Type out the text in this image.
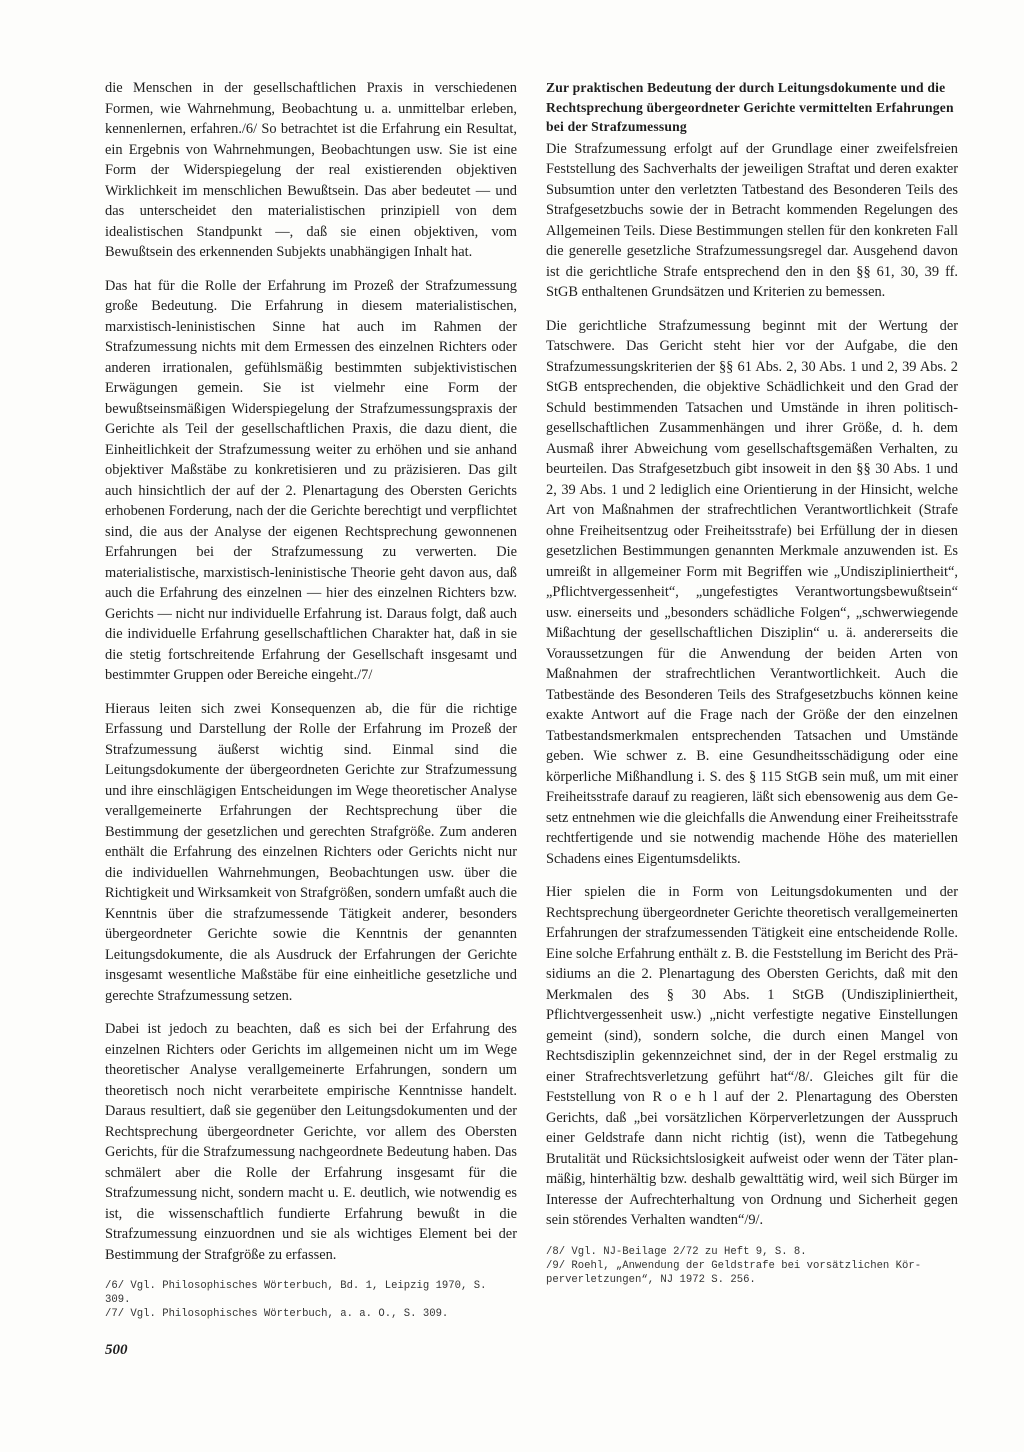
die Menschen in der gesellschaftlichen Praxis in verschiedenen Formen, wie Wahrnehmung, Beobachtung u. a. unmittelbar erleben, kennenlernen, erfahren./6/ So betrachtet ist die Erfahrung ein Resultat, ein Ergebnis von Wahrnehmungen, Beobachtungen usw. Sie ist eine Form der Widerspiegelung der real existierenden objektiven Wirklichkeit im menschlichen Bewußtsein. Das aber bedeutet — und das unterscheidet den materialistischen prinzipiell von dem idealistischen Standpunkt —, daß sie einen objektiven, vom Bewußtsein des erkennenden Subjekts unabhängigen Inhalt hat.

Das hat für die Rolle der Erfahrung im Prozeß der Strafzumessung große Bedeutung. Die Erfahrung in diesem materialistischen, marxistisch-leninistischen Sinne hat auch im Rahmen der Strafzumessung nichts mit dem Ermessen des einzelnen Richters oder anderen irrationalen, gefühlsmäßig bestimmten subjektivistischen Erwägungen gemein. Sie ist vielmehr eine Form der bewußtseinsmäßigen Widerspiegelung der Strafzumessungspraxis der Gerichte als Teil der gesellschaftlichen Praxis, die dazu dient, die Einheitlichkeit der Strafzumessung weiter zu erhöhen und sie anhand objektiver Maßstäbe zu konkretisieren und zu präzisieren. Das gilt auch hinsichtlich der auf der 2. Plenartagung des Obersten Gerichts erhobenen Forderung, nach der die Gerichte berechtigt und verpflichtet sind, die aus der Analyse der eigenen Rechtsprechung gewonnenen Erfahrungen bei der Strafzumessung zu verwerten. Die materialistische, marxistisch-leninistische Theorie geht davon aus, daß auch die Erfahrung des einzelnen — hier des einzelnen Richters bzw. Gerichts — nicht nur individuelle Erfahrung ist. Daraus folgt, daß auch die individuelle Erfahrung gesellschaftlichen Charakter hat, daß in sie die stetig fortschreitende Erfahrung der Gesellschaft insgesamt und bestimmter Gruppen oder Bereiche eingeht./7/

Hieraus leiten sich zwei Konsequenzen ab, die für die richtige Erfassung und Darstellung der Rolle der Erfahrung im Prozeß der Strafzumessung äußerst wichtig sind. Einmal sind die Leitungsdokumente der übergeordneten Gerichte zur Strafzumessung und ihre einschlägigen Entscheidungen im Wege theoretischer Analyse verallgemeinerte Erfahrungen der Rechtsprechung über die Bestimmung der gesetzlichen und gerechten Strafgröße. Zum anderen enthält die Erfahrung des einzelnen Richters oder Gerichts nicht nur die individuellen Wahrnehmungen, Beobachtungen usw. über die Richtigkeit und Wirksamkeit von Strafgrößen, sondern umfaßt auch die Kenntnis über die strafzumessende Tätigkeit anderer, besonders übergeordneter Gerichte sowie die Kenntnis der genannten Leitungsdokumente, die als Ausdruck der Erfahrungen der Gerichte insgesamt wesentliche Maßstäbe für eine einheitliche gesetzliche und gerechte Strafzumessung setzen.

Dabei ist jedoch zu beachten, daß es sich bei der Erfahrung des einzelnen Richters oder Gerichts im allgemeinen nicht um im Wege theoretischer Analyse verallgemeinerte Erfahrungen, sondern um theoretisch noch nicht verarbeitete empirische Kenntnisse handelt. Daraus resultiert, daß sie gegenüber den Leitungsdokumenten und der Rechtsprechung übergeordneter Gerichte, vor allem des Obersten Gerichts, für die Strafzumessung nachgeordnete Bedeutung haben. Das schmälert aber die Rolle der Erfahrung insgesamt für die Strafzumessung nicht, sondern macht u. E. deutlich, wie notwendig es ist, die wissenschaftlich fundierte Erfahrung bewußt in die Strafzumessung einzuordnen und sie als wichtiges Element bei der Bestimmung der Strafgröße zu erfassen.

/6/ Vgl. Philosophisches Wörterbuch, Bd. 1, Leipzig 1970, S. 309.

/7/ Vgl. Philosophisches Wörterbuch, a. a. O., S. 309.

Zur praktischen Bedeutung der durch Leitungsdokumente und die Rechtsprechung übergeordneter Gerichte vermittelten Erfahrungen bei der Strafzumessung

Die Strafzumessung erfolgt auf der Grundlage einer zweifelsfreien Feststellung des Sachverhalts der jeweiligen Straftat und deren exakter Subsumtion unter den verletzten Tatbestand des Besonderen Teils des Strafgesetzbuchs sowie der in Betracht kommenden Regelungen des Allgemeinen Teils. Diese Bestimmungen stellen für den konkreten Fall die generelle gesetzliche Strafzumessungsregel dar. Ausgehend davon ist die gerichtliche Strafe entsprechend den in den §§ 61, 30, 39 ff. StGB enthaltenen Grundsätzen und Kriterien zu bemessen.

Die gerichtliche Strafzumessung beginnt mit der Wertung der Tatschwere. Das Gericht steht hier vor der Aufgabe, die den Strafzumessungskriterien der §§ 61 Abs. 2, 30 Abs. 1 und 2, 39 Abs. 2 StGB entsprechenden, die objektive Schädlichkeit und den Grad der Schuld bestimmenden Tatsachen und Umstände in ihren politisch-gesellschaftlichen Zusammenhängen und ihrer Größe, d. h. dem Ausmaß ihrer Abweichung vom gesellschaftsgemäßen Verhalten, zu beurteilen. Das Strafgesetzbuch gibt insoweit in den §§ 30 Abs. 1 und 2, 39 Abs. 1 und 2 lediglich eine Orientierung in der Hinsicht, welche Art von Maßnahmen der strafrechtlichen Verantwortlichkeit (Strafe ohne Freiheitsentzug oder Freiheitsstrafe) bei Erfüllung der in diesen gesetzlichen Bestimmungen genannten Merkmale anzuwenden ist. Es umreißt in allgemeiner Form mit Begriffen wie „Undiszipliniertheit“, „Pflichtvergessenheit“, „ungefestigtes Verantwortungsbewußtsein“ usw. einerseits und „besonders schädliche Folgen“, „schwerwiegende Mißachtung der gesellschaftlichen Disziplin“ u. ä. andererseits die Voraussetzungen für die Anwendung der beiden Arten von Maßnahmen der strafrechtlichen Verantwortlichkeit. Auch die Tatbestände des Besonderen Teils des Strafgesetzbuchs können keine exakte Antwort auf die Frage nach der Größe der den einzelnen Tatbestandsmerkmalen entsprechenden Tatsachen und Umstände geben. Wie schwer z. B. eine Gesundheitsschädigung oder eine körperliche Mißhandlung i. S. des § 115 StGB sein muß, um mit einer Freiheitsstrafe darauf zu reagieren, läßt sich ebensowenig aus dem Gesetz entnehmen wie die gleichfalls die Anwendung einer Freiheitsstrafe rechtfertigende und sie notwendig machende Höhe des materiellen Schadens eines Eigentumsdelikts.

Hier spielen die in Form von Leitungsdokumenten und der Rechtsprechung übergeordneter Gerichte theoretisch verallgemeinerten Erfahrungen der strafzumessenden Tätigkeit eine entscheidende Rolle. Eine solche Erfahrung enthält z. B. die Feststellung im Bericht des Präsidiums an die 2. Plenartagung des Obersten Gerichts, daß mit den Merkmalen des § 30 Abs. 1 StGB (Undiszipliniertheit, Pflichtvergessenheit usw.) „nicht verfestigte negative Einstellungen gemeint (sind), sondern solche, die durch einen Mangel von Rechtsdisziplin gekennzeichnet sind, der in der Regel erstmalig zu einer Strafrechtsverletzung geführt hat“/8/. Gleiches gilt für die Feststellung von R o e h l auf der 2. Plenartagung des Obersten Gerichts, daß „bei vorsätzlichen Körperverletzungen der Ausspruch einer Geldstrafe dann nicht richtig (ist), wenn die Tatbegehung Brutalität und Rücksichtslosigkeit aufweist oder wenn der Täter planmäßig, hinterhältig bzw. deshalb gewalttätig wird, weil sich Bürger im Interesse der Aufrechterhaltung von Ordnung und Sicherheit gegen sein störendes Verhalten wandten“/9/.

/8/ Vgl. NJ-Beilage 2/72 zu Heft 9, S. 8.

/9/ Roehl, „Anwendung der Geldstrafe bei vorsätzlichen Körperverletzungen“, NJ 1972 S. 256.

500
